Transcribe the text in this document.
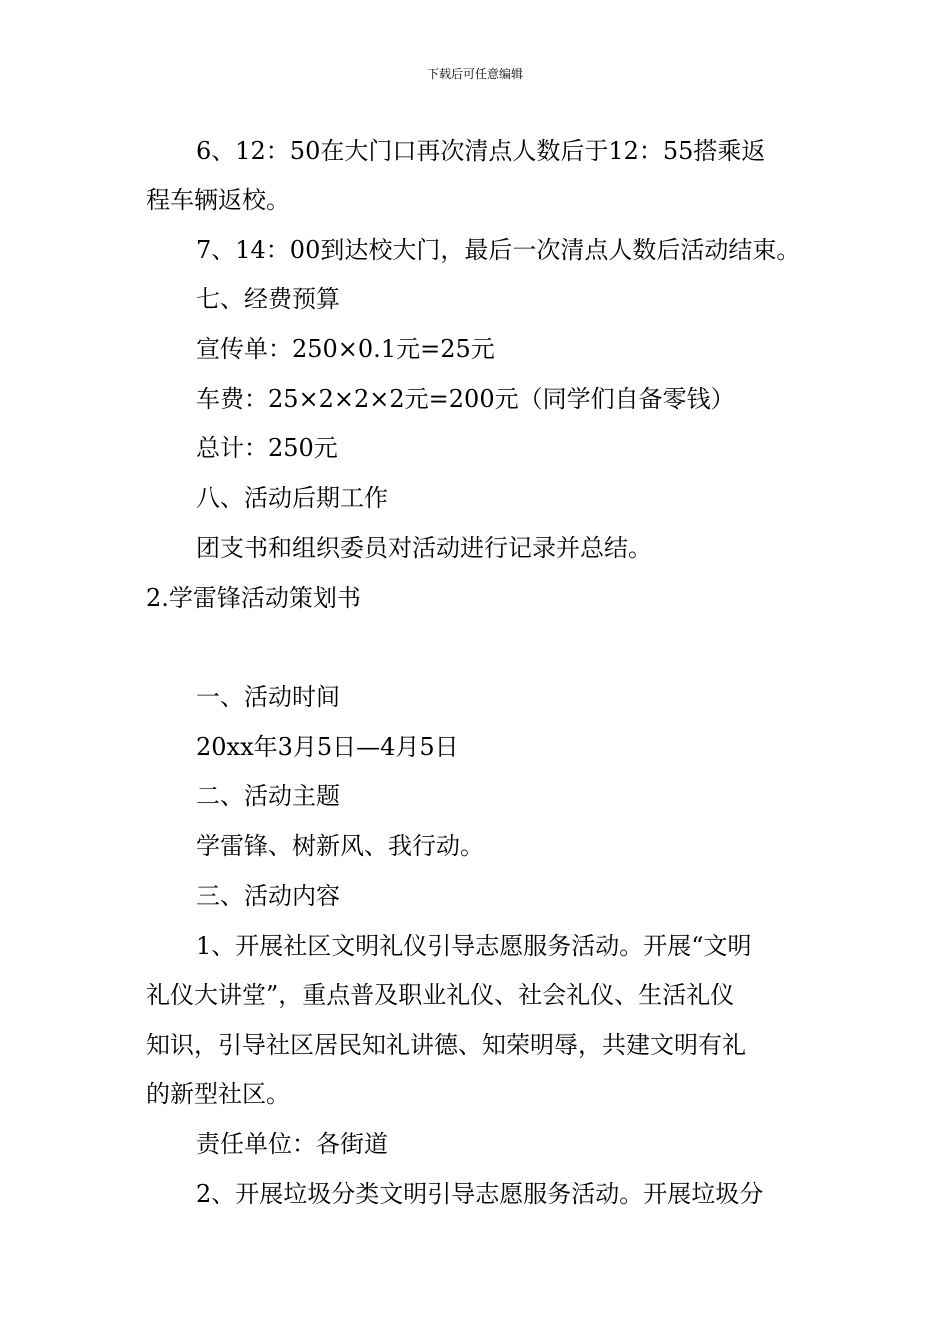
下载后可任意编辑
6、12：50在大门口再次清点人数后于12：55搭乘返
程车辆返校。
7、14：00到达校大门，最后一次清点人数后活动结束。
七、经费预算
宣传单：250×0.1元=25元
车费：25×2×2×2元=200元（同学们自备零钱）
总计：250元
八、活动后期工作
团支书和组织委员对活动进行记录并总结。
2.学雷锋活动策划书
一、活动时间
20xx年3月5日—4月5日
二、活动主题
学雷锋、树新风、我行动。
三、活动内容
1、开展社区文明礼仪引导志愿服务活动。开展“文明
礼仪大讲堂”，重点普及职业礼仪、社会礼仪、生活礼仪
知识，引导社区居民知礼讲德、知荣明辱，共建文明有礼
的新型社区。
责任单位：各街道
2、开展垃圾分类文明引导志愿服务活动。开展垃圾分
